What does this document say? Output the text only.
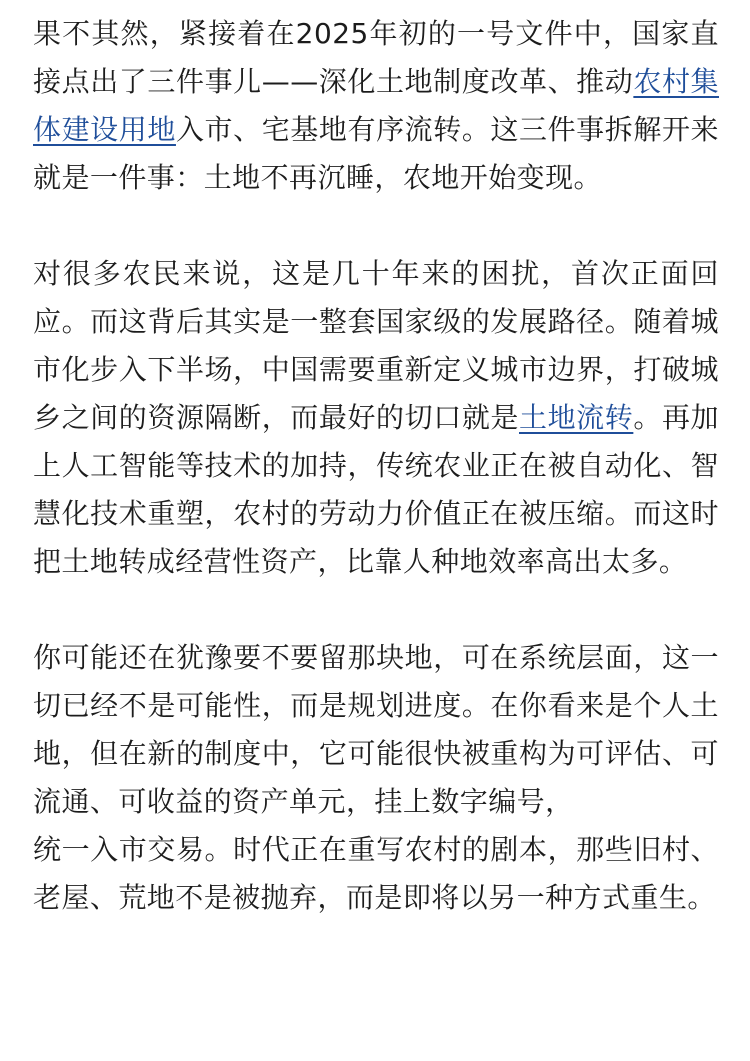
果不其然，紧接着在2025年初的一号文件中，国家直接点出了三件事儿——深化土地制度改革、推动农村集体建设用地入市、宅基地有序流转。这三件事拆解开来就是一件事：土地不再沉睡，农地开始变现。

对很多农民来说，这是几十年来的困扰，首次正面回应。而这背后其实是一整套国家级的发展路径。随着城市化步入下半场，中国需要重新定义城市边界，打破城乡之间的资源隔断，而最好的切口就是土地流转。再加上人工智能等技术的加持，传统农业正在被自动化、智慧化技术重塑，农村的劳动力价值正在被压缩。而这时把土地转成经营性资产，比靠人种地效率高出太多。

你可能还在犹豫要不要留那块地，可在系统层面，这一切已经不是可能性，而是规划进度。在你看来是个人土地，但在新的制度中，它可能很快被重构为可评估、可流通、可收益的资产单元，挂上数字编号，
统一入市交易。时代正在重写农村的剧本，那些旧村、老屋、荒地不是被抛弃，而是即将以另一种方式重生。
